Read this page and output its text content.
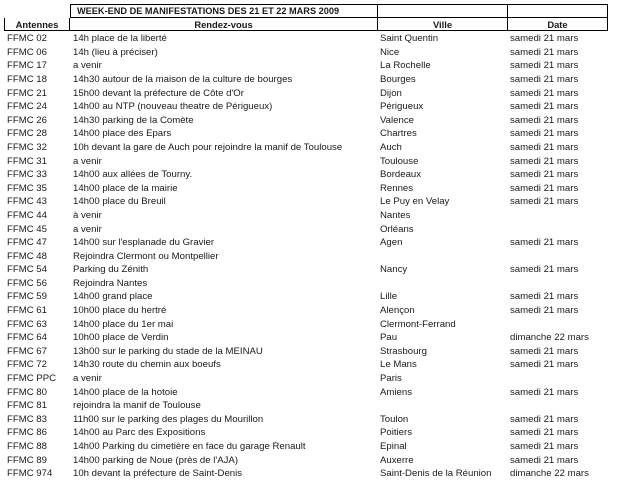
WEEK-END DE MANIFESTATIONS DES 21 ET 22 MARS 2009
Antennes	Rendez-vous	Ville	Date
FFMC 02	14h place de la liberté	Saint Quentin	samedi 21 mars
FFMC 06	14h (lieu à préciser)	Nice	samedi 21 mars
FFMC 17	a venir	La Rochelle	samedi 21 mars
FFMC 18	14h30 autour de la maison de la culture de bourges	Bourges	samedi 21 mars
FFMC 21	15h00 devant la préfecture de Côte d'Or	Dijon	samedi 21 mars
FFMC 24	14h00 au NTP (nouveau theatre de Périgueux)	Périgueux	samedi 21 mars
FFMC 26	14h30 parking de la Comète	Valence	samedi 21 mars
FFMC 28	14h00 place des Epars	Chartres	samedi 21 mars
FFMC 32	10h devant la gare de Auch pour rejoindre la manif de Toulouse	Auch	samedi 21 mars
FFMC 31	a venir	Toulouse	samedi 21 mars
FFMC 33	14h00 aux allées de Tourny.	Bordeaux	samedi 21 mars
FFMC 35	14h00 place de la mairie	Rennes	samedi 21 mars
FFMC 43	14h00 place du Breuil	Le Puy en Velay	samedi 21 mars
FFMC 44	à venir	Nantes
FFMC 45	a venir	Orléans
FFMC 47	14h00 sur l'esplanade du Gravier	Agen	samedi 21 mars
FFMC 48	Rejoindra Clermont ou Montpellier
FFMC 54	Parking du Zénith	Nancy	samedi 21 mars
FFMC 56	Rejoindra Nantes
FFMC 59	14h00 grand place	Lille	samedi 21 mars
FFMC 61	10h00 place du hertré	Alençon	samedi 21 mars
FFMC 63	14h00 place du 1er mai	Clermont-Ferrand
FFMC 64	10h00 place de Verdin	Pau	dimanche 22 mars
FFMC 67	13h00 sur le parking du stade de la MEINAU	Strasbourg	samedi 21 mars
FFMC 72	14h30 route du chemin aux boeufs	Le Mans	samedi 21 mars
FFMC PPC	a venir	Paris
FFMC 80	14h00 place de la hotoie	Amiens	samedi 21 mars
FFMC 81	rejoindra la manif de Toulouse
FFMC 83	11h00 sur le parking des plages du Mourillon	Toulon	samedi 21 mars
FFMC 86	14h00 au Parc des Expositions	Poitiers	samedi 21 mars
FFMC 88	14h00 Parking du cimetière en face du garage Renault	Epinal	samedi 21 mars
FFMC 89	14h00 parking de Noue (près de l'AJA)	Auxerre	samedi 21 mars
FFMC 974	10h devant la préfecture de Saint-Denis	Saint-Denis de la Réunion	dimanche 22 mars
